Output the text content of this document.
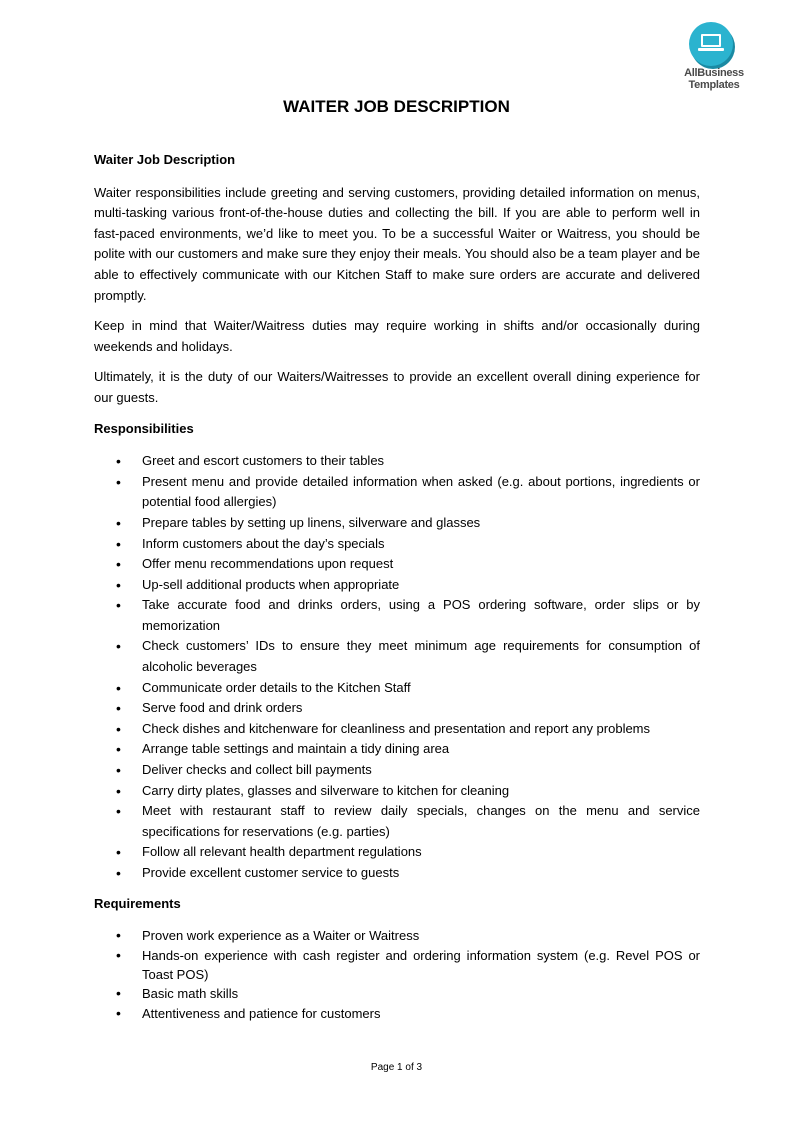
AllBusiness
Templates
WAITER JOB DESCRIPTION
Waiter Job Description

Waiter responsibilities include greeting and serving customers, providing detailed information on menus, multi-tasking various front-of-the-house duties and collecting the bill. If you are able to perform well in fast-paced environments, we’d like to meet you. To be a successful Waiter or Waitress, you should be polite with our customers and make sure they enjoy their meals. You should also be a team player and be able to effectively communicate with our Kitchen Staff to make sure orders are accurate and delivered promptly.

Keep in mind that Waiter/Waitress duties may require working in shifts and/or occasionally during weekends and holidays.

Ultimately, it is the duty of our Waiters/Waitresses to provide an excellent overall dining experience for our guests.

Responsibilities
• Greet and escort customers to their tables
• Present menu and provide detailed information when asked (e.g. about portions, ingredients or potential food allergies)
• Prepare tables by setting up linens, silverware and glasses
• Inform customers about the day’s specials
• Offer menu recommendations upon request
• Up-sell additional products when appropriate
• Take accurate food and drinks orders, using a POS ordering software, order slips or by memorization
• Check customers’ IDs to ensure they meet minimum age requirements for consumption of alcoholic beverages
• Communicate order details to the Kitchen Staff
• Serve food and drink orders
• Check dishes and kitchenware for cleanliness and presentation and report any problems
• Arrange table settings and maintain a tidy dining area
• Deliver checks and collect bill payments
• Carry dirty plates, glasses and silverware to kitchen for cleaning
• Meet with restaurant staff to review daily specials, changes on the menu and service specifications for reservations (e.g. parties)
• Follow all relevant health department regulations
• Provide excellent customer service to guests
Requirements
• Proven work experience as a Waiter or Waitress
• Hands-on experience with cash register and ordering information system (e.g. Revel POS or Toast POS)
• Basic math skills
• Attentiveness and patience for customers
Page 1 of 3
